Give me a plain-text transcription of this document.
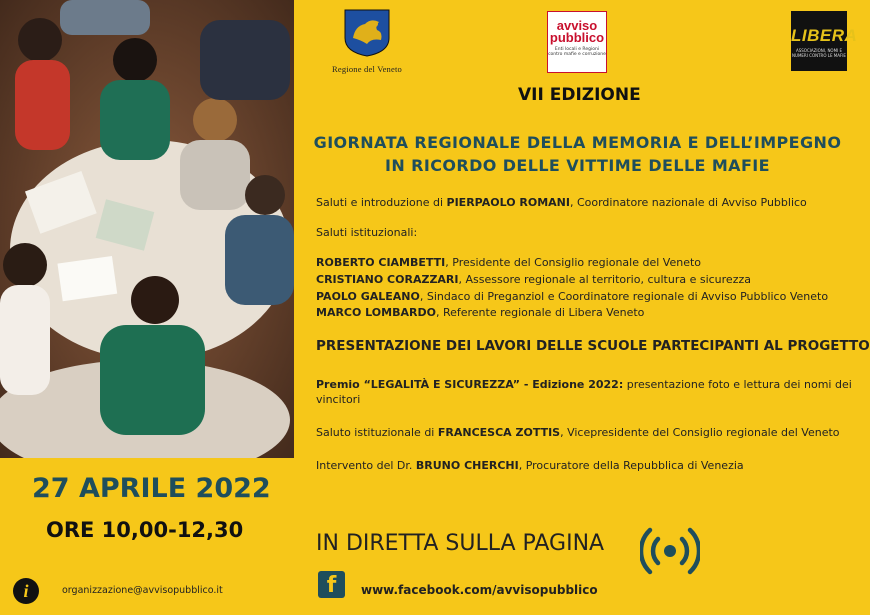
Regione del Veneto
avviso pubblico
Enti locali e Regioni contro mafie e corruzione
LIBERA
ASSOCIAZIONI, NOMI E NUMERI CONTRO LE MAFIE
VII EDIZIONE
GIORNATA REGIONALE DELLA MEMORIA E DELL’IMPEGNO
IN RICORDO DELLE VITTIME DELLE MAFIE
Saluti e introduzione di PIERPAOLO ROMANI, Coordinatore nazionale di Avviso Pubblico
Saluti istituzionali:
ROBERTO CIAMBETTI, Presidente del Consiglio regionale del Veneto
CRISTIANO CORAZZARI, Assessore regionale al territorio, cultura e sicurezza
PAOLO GALEANO, Sindaco di Preganziol e Coordinatore regionale di Avviso Pubblico Veneto
MARCO LOMBARDO, Referente regionale di Libera Veneto
PRESENTAZIONE DEI LAVORI DELLE SCUOLE PARTECIPANTI AL PROGETTO
Premio “LEGALITÀ E SICUREZZA” - Edizione 2022: presentazione foto e lettura dei nomi dei
vincitori
Saluto istituzionale di FRANCESCA ZOTTIS, Vicepresidente del Consiglio regionale del Veneto
Intervento del Dr. BRUNO CHERCHI, Procuratore della Repubblica di Venezia
27 APRILE 2022
ORE 10,00-12,30
IN DIRETTA SULLA PAGINA
f	www.facebook.com/avvisopubblico
i	organizzazione@avvisopubblico.it
